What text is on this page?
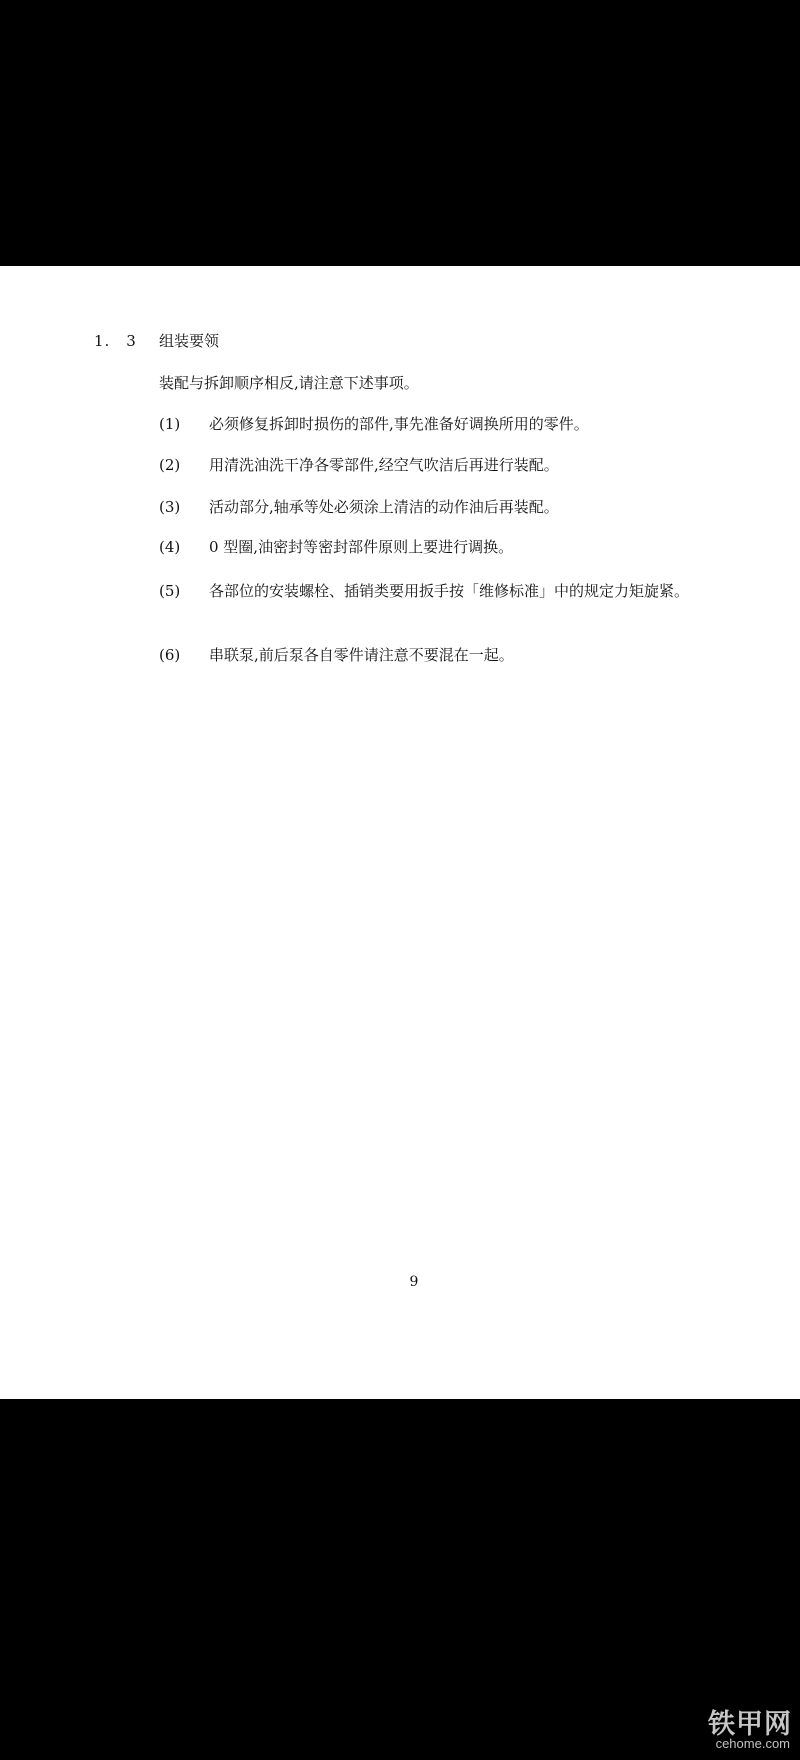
1.　3 组装要领
装配与拆卸顺序相反,请注意下述事项。
(1)	必须修复拆卸时损伤的部件,事先准备好调换所用的零件。
(2)	用清洗油洗干净各零部件,经空气吹洁后再进行装配。
(3)	活动部分,轴承等处必须涂上清洁的动作油后再装配。
(4)	0 型圈,油密封等密封部件原则上要进行调换。
(5)	各部位的安装螺栓、插销类要用扳手按「维修标准」中的规定力矩旋紧。
(6)	串联泵,前后泵各自零件请注意不要混在一起。
9
铁甲网
cehome.com
